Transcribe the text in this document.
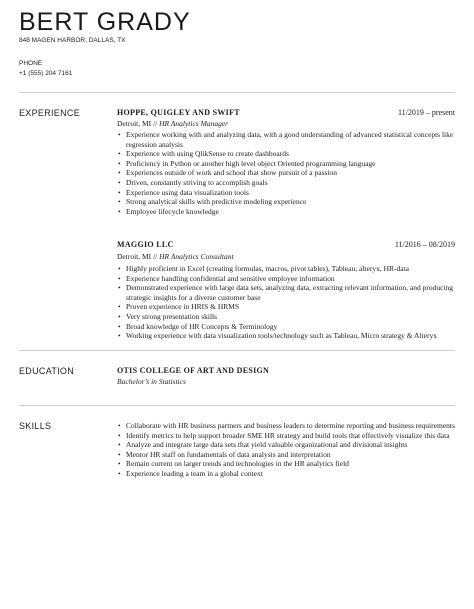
BERT GRADY
848 MAGEN HARBOR, DALLAS, TX
PHONE
+1 (555) 204 7161
EXPERIENCE	HOPPE, QUIGLEY AND SWIFT	11/2019 – present
Detroit, MI // HR Analytics Manager
• Experience working with and analyzing data, with a good understanding of advanced statistical concepts like regression analysis
• Experience with using QlikSense to create dashboards
• Proficiency in Python or another high level object Oriented programming language
• Experiences outside of work and school that show pursuit of a passion
• Driven, constantly striving to accomplish goals
• Experience using data visualization tools
• Strong analytical skills with predictive modeling experience
• Employee lifecycle knowledge
MAGGIO LLC	11/2016 – 08/2019
Detroit, MI // HR Analytics Consultant
• Highly proficient in Excel (creating formulas, macros, pivot tables), Tableau, alteryx, HR-data
• Experience handling confidential and sensitive employee information
• Demonstrated experience with large data sets, analyzing data, extracting relevant information, and producing strategic insights for a diverse customer base
• Proven experience in HRIS & HRMS
• Very strong presentation skills
• Broad knowledge of HR Concepts & Terminology
• Working experience with data visualization tools/technology such as Tableau, Micro strategy & Alteryx
EDUCATION	OTIS COLLEGE OF ART AND DESIGN
Bachelor’s in Statistics
SKILLS
•	Collaborate with HR business partners and business leaders to determine reporting and business requirements
• Identify metrics to help support broader SME HR strategy and build tools that effectively visualize this data
• Analyze and integrate large data sets that yield valuable organizational and divisional insights
• Mentor HR staff on fundamentals of data analysis and interpretation
• Remain current on larger trends and technologies in the HR analytics field
• Experience leading a team in a global context
